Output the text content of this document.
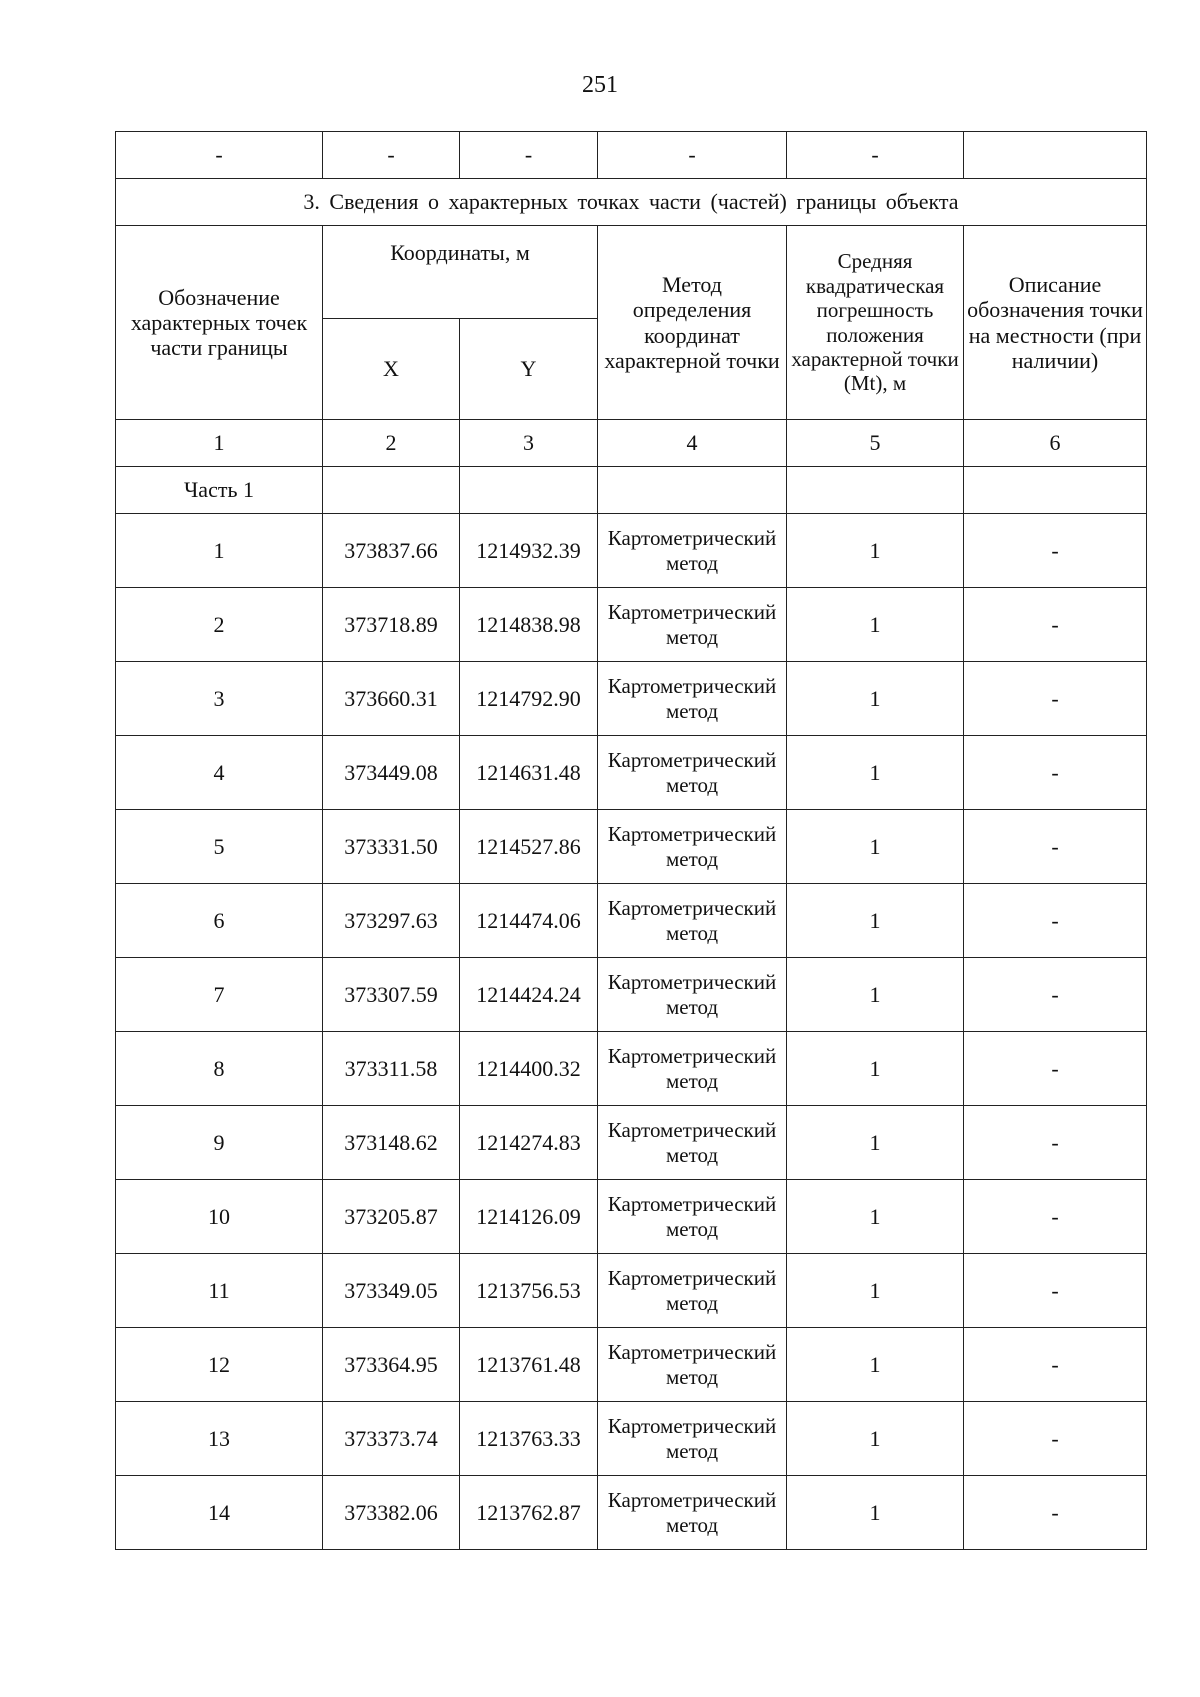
251
-	-	-	-	-	
3. Сведения о характерных точках части (частей) границы объекта					
Обозначение характерных точек части границы	Координаты, м		Метод определения координат характерной точки	Средняя квадратическая погрешность положения характерной точки (Mt), м	Описание обозначения точки на местности (при наличии)
	X	Y			
1	2	3	4	5	6
Часть 1					
1	373837.66	1214932.39	Картометрический метод	1	-
2	373718.89	1214838.98	Картометрический метод	1	-
3	373660.31	1214792.90	Картометрический метод	1	-
4	373449.08	1214631.48	Картометрический метод	1	-
5	373331.50	1214527.86	Картометрический метод	1	-
6	373297.63	1214474.06	Картометрический метод	1	-
7	373307.59	1214424.24	Картометрический метод	1	-
8	373311.58	1214400.32	Картометрический метод	1	-
9	373148.62	1214274.83	Картометрический метод	1	-
10	373205.87	1214126.09	Картометрический метод	1	-
11	373349.05	1213756.53	Картометрический метод	1	-
12	373364.95	1213761.48	Картометрический метод	1	-
13	373373.74	1213763.33	Картометрический метод	1	-
14	373382.06	1213762.87	Картометрический метод	1	-
